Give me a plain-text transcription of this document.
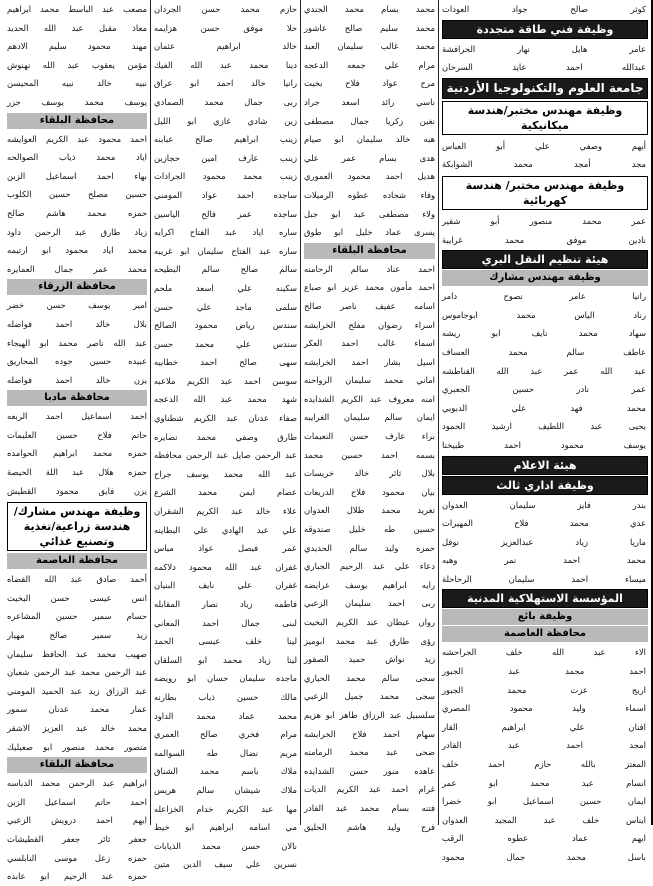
كوثر صالح جواد العودات
وظيفة فني طاقة متجددة
عامر هايل نهار الحرافشة
عبدالله احمد عايد السرحان
جامعة العلوم والتكنولوجيا الأردنية
وظيفة مهندس مختبر/هندسة ميكانيكية
أيهم وصفي علي أبو العباس
مجد أمجد محمد الشوابكة
وظيفة مهندس مختبر/ هندسة كهربائية
عمر محمد منصور أبو شقير
نادين موفق محمد غرايبة
هيئة تنظيم النقل البري
وظيفة مهندس مشارك
رانيا عامر نصوح دامر
رناد الياس محمد ابوجاموس
سهاد محمد نايف ابو ريشه
عاطف سالم محمد العساف
عبد الله عمر عبد الله القناطشه
عمر نادر حسين الجعبري
محمد فهد علي الدبوبي
يحيى عبد اللطيف ارشيد الحمود
يوسف محمود احمد طبيخنا
هيئة الاعلام
وظيفة اداري ثالث
بندر فايز سليمان العدوان
عدي محمد فلاح المهيرات
ماريا زياد عبدالعزيز نوفل
محمد احمد نمر وهبه
ميساء احمد سليمان الرحاحلة
المؤسسة الاستهلاكية المدنية
وظيفة بائع
محافظة العاصمة
الاء عبد الله خلف الجراحشه
احمد محمد عبد الجبور
اريج عزت محمد الجبور
اسماء وليد محمود المصري
افنان علي ابراهيم القار
امجد احمد عبد القادر
المعتز بالله حازم احمد خلف
انسام عبد محمد ابو عمر
ايمان حسين اسماعيل ابو خضرا
ايناس خلف عبد المجيد العدوان
ايهم عماد عطوه الرقب
باسل محمد جمال محمود
محمد بسام محمد الجندي
محمد سليم صالح عاشور
محمد غالب سليمان العبد
مرام علي جمعه الدعجه
مرح عواد فلاح بخيت
ناسي رائد اسعد جراد
نغين زكريا جمال مصطفى
هبه خالد سليمان ابو صيام
هدى بسام عمر علي
هديل احمد محمود العموري
وفاء شحاده عطوه الرميلات
ولاء مصطفى عبد ابو جبل
يسرى عماد خليل ابو طوق
محافظة البلقاء
احمد عناد سالم الرحامنه
احمد مأمون محمد عزيز ابو صباع
اسامه عفيف ناصر صالح
اسراء رضوان مفلح الخرابشه
اسماء غالب احمد العكر
اسيل بشار احمد الخرابشه
اماني محمد سليمان الرواحنه
امنه معروف عبد الكريم الشدايده
ايمان سالم سليمان الغرايبه
براء عارف حسن النعيمات
بسمه احمد حسين محمد
بلال ثائر خالد خريسات
بيان محمود فلاح الدريعات
تغريد محمد طلال العدوان
حسين طه خليل صندوقه
حمزه وليد سالم الحديدي
دعاء علي عبد الرحيم الجباري
رايه ابراهيم يوسف عرايضه
ربى احمد سليمان الزعبي
روان عيطان عبد الكريم البخيت
رؤى طارق عبد محمد ابوميز
زيد نواش حميد الصقور
سجى سالم محمد الحياري
سجى محمد جميل الزعبي
سلسبيل عبد الرزاق طاهر ابو هزيم
سهام احمد فلاح الخرابشه
ضحى عبد محمد الرمامنه
عاهده منور حسن الشدايده
غرام احمد عبد الكريم الديات
فتنه بسام محمد عبد القادر
فرح وليد هاشم الحليق
حازم محمد حسن الجردان
حلا موفق حسن هزايمه
خالد ابراهيم عثمان
دينا محمد عبد الله الفيك
رانيا خالد احمد ابو عراق
ربى جمال محمد الصمادي
زين شادي غازي ابو الليل
زينب ابراهيم صالح عبابنه
زينب عارف امين حجازين
زينب محمد محمود الجرادات
ساجده احمد عواد المومني
ساجده عمر فالح الياسين
ساره اياد عبد الفتاح اكرايه
ساره عبد الفتاح سليمان ابو غريبه
سالم صالح سالم البطيحه
سكينه علي اسعد ملحم
سلمى ماجد علي حسن
سندس رياض محمود الصالح
سندس علي محمد حسن
سهى صالح احمد خطابيه
سوسن احمد عبد الكريم ملاعبه
شهد محمد عبد الله الدعجه
صفاء عدنان عبد الكريم شطناوي
طارق وصفي محمد نصايره
عبد الرحمن صايل عبد الرحمن محافظه
عبد الله محمد يوسف جراح
عصام ايمن محمد الشرع
علاء خالد عبد الكريم الشقران
علي عبد الهادي علي البطاينه
عمر فيصل عواد مياس
غفران عبد الله محمود دلاكمه
غفران علي نايف البنيان
فاطمه زياد نصار المقابله
لبنى جمال احمد المعاني
لينا خلف عيسى الحمد
لينا زياد محمد ابو السلقان
ماجده سليمان حسان ابو رويضه
مالك حسين ذياب بطارنه
محمد عماد محمد الداود
مرام فخري صالح العمري
مريم نضال طه السوالمه
ملاك باسم محمد الشناق
ملاك شيشان سالم هريس
مها عبد الكريم خدام الخزاعله
مي اسامه ابراهيم ابو خيط
نالان حسن محمد الذيابات
نسرين علي سيف الدين متين
مصعب عبد الباسط محمد ابراهيم
معاذ مقبل عبد الله الحديد
مهند محمود سليم الادهم
مؤمن يعقوب عبد الله نهنوش
نبيه خالد نبيه المحيسن
يوسف محمد يوسف جزر
محافظة البلقاء
احمد محمود عبد الكريم العوايشه
اياد محمد ذياب الصوالحه
بهاء احمد اسماعيل الزبن
حسين مصلح حسين الكلوب
حمزه محمد هاشم صالح
زياد طارق عبد الرحمن داود
محمد اياد محمود ابو ارتيمه
محمد عمر جمال العمايره
محافظة الزرقاء
امير يوسف حسن خضر
بلال خالد احمد فواضله
عبد الله ناصر محمد ابو الهيجاء
عبيده حسين جوده المحاريق
يزن خالد احمد فواضله
محافظة مادبا
احمد اسماعيل احمد الربعه
حاتم فلاح حسين العليمات
حمزه محمد ابراهيم الحوامده
حمزه هلال عبد اللة الحيصة
يزن فايق محمود القطيش
وظيفة مهندس مشارك/ هندسة زراعية/تغذية وتصنيع غذائي
محافظة العاصمة
أحمد صادق عبد الله القضاه
انس عيسى حسن البخيت
حسام سمير حسين المشاعره
زيد سمير صالح مهيار
صهيب محمد عبد الحافظ سليمان
عبد الرحمن محمد عبد الرحمن شعبان
عبد الرزاق زيد عبد الحميد المومني
عمار محمد عدنان سمور
محمد خالد عبد العزيز الاشقر
منصور محمد منصور ابو صعيليك
محافظة البلقاء
ابراهيم عبد الرحمن محمد الدباسه
احمد حاتم اسماعيل الزبن
ايهم احمد درويش الزعبي
جعفر ثائر جعفر القطيشات
حمزه زعل موسى النابلسي
حمزه عبد الرحيم ابو عابده
